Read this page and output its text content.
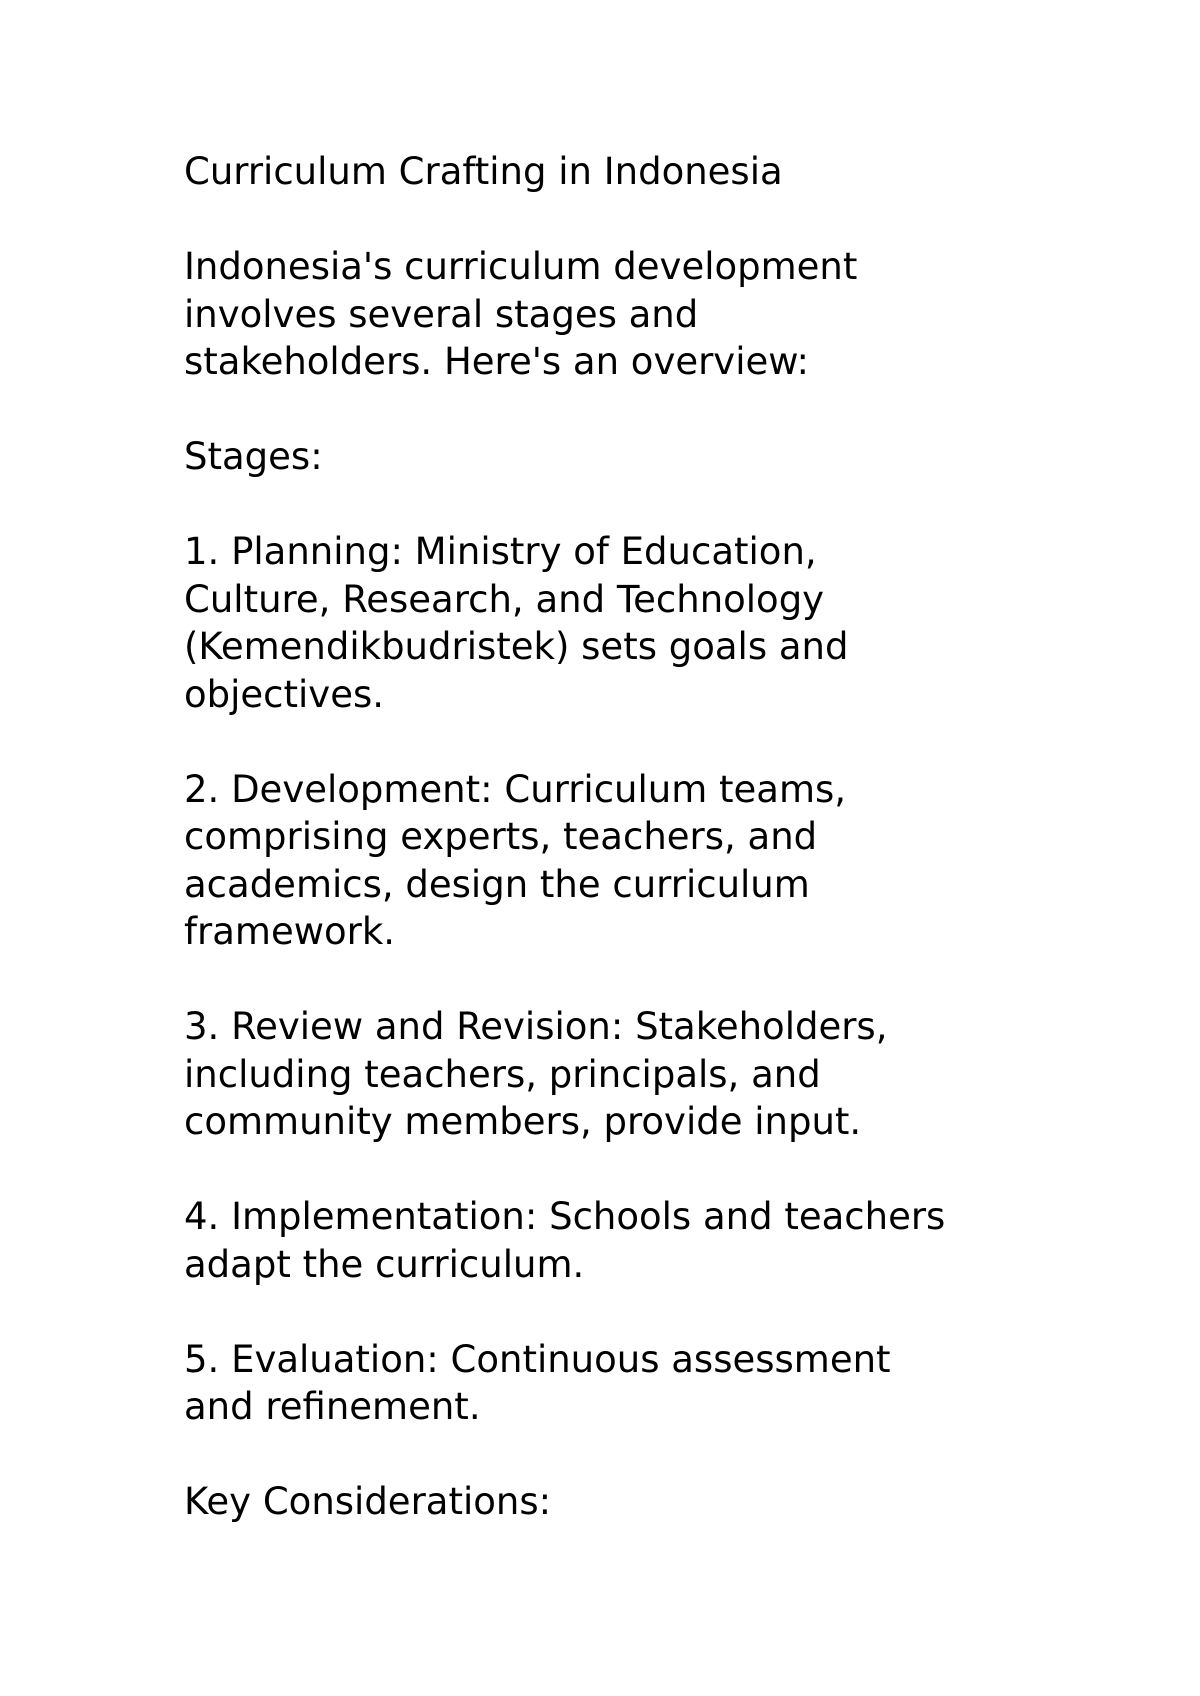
Curriculum Crafting in Indonesia
Indonesia's curriculum development
involves several stages and
stakeholders. Here's an overview:
Stages:
1. Planning: Ministry of Education,
Culture, Research, and Technology
(Kemendikbudristek) sets goals and
objectives.
2. Development: Curriculum teams,
comprising experts, teachers, and
academics, design the curriculum
framework.
3. Review and Revision: Stakeholders,
including teachers, principals, and
community members, provide input.
4. Implementation: Schools and teachers
adapt the curriculum.
5. Evaluation: Continuous assessment
and refinement.
Key Considerations:
